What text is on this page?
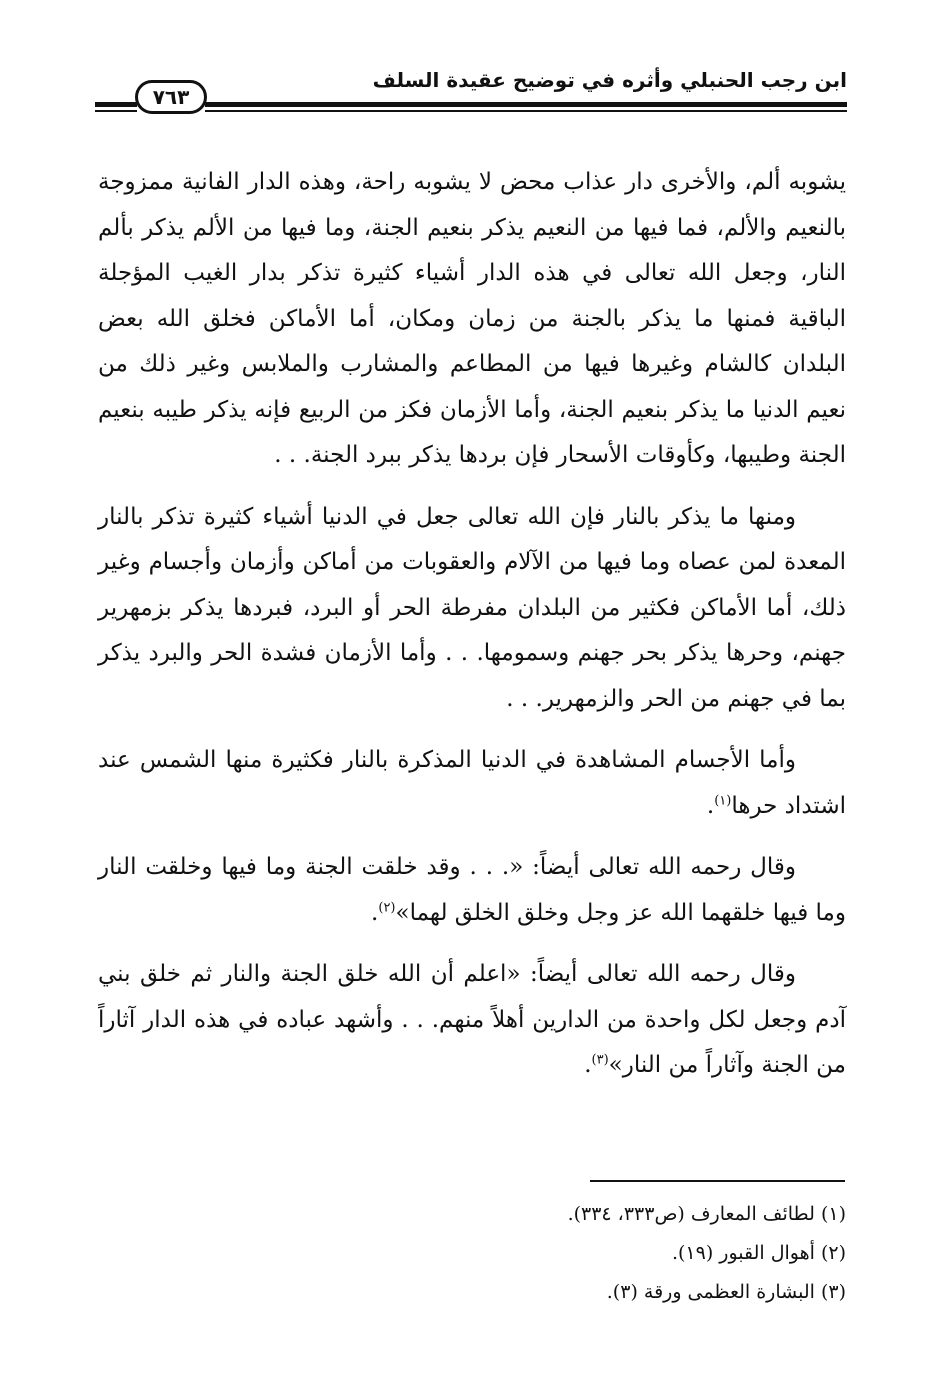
ابن رجب الحنبلي وأثره في توضيح عقيدة السلف
٧٦٣

يشوبه ألم، والأخرى دار عذاب محض لا يشوبه راحة، وهذه الدار الفانية ممزوجة بالنعيم والألم، فما فيها من النعيم يذكر بنعيم الجنة، وما فيها من الألم يذكر بألم النار، وجعل الله تعالى في هذه الدار أشياء كثيرة تذكر بدار الغيب المؤجلة الباقية فمنها ما يذكر بالجنة من زمان ومكان، أما الأماكن فخلق الله بعض البلدان كالشام وغيرها فيها من المطاعم والمشارب والملابس وغير ذلك من نعيم الدنيا ما يذكر بنعيم الجنة، وأما الأزمان فكز من الربيع فإنه يذكر طيبه بنعيم الجنة وطيبها، وكأوقات الأسحار فإن بردها يذكر ببرد الجنة. . .

ومنها ما يذكر بالنار فإن الله تعالى جعل في الدنيا أشياء كثيرة تذكر بالنار المعدة لمن عصاه وما فيها من الآلام والعقوبات من أماكن وأزمان وأجسام وغير ذلك، أما الأماكن فكثير من البلدان مفرطة الحر أو البرد، فبردها يذكر بزمهرير جهنم، وحرها يذكر بحر جهنم وسمومها. . . وأما الأزمان فشدة الحر والبرد يذكر بما في جهنم من الحر والزمهرير. . .

وأما الأجسام المشاهدة في الدنيا المذكرة بالنار فكثيرة منها الشمس عند اشتداد حرها$^{(١)}$.

وقال رحمه الله تعالى أيضاً: «. . . وقد خلقت الجنة وما فيها وخلقت النار وما فيها خلقهما الله عز وجل وخلق الخلق لهما»$^{(٢)}$.

وقال رحمه الله تعالى أيضاً: «اعلم أن الله خلق الجنة والنار ثم خلق بني آدم وجعل لكل واحدة من الدارين أهلاً منهم. . . وأشهد عباده في هذه الدار آثاراً من الجنة وآثاراً من النار»$^{(٣)}$.

(١) لطائف المعارف (ص٣٣٣، ٣٣٤).
(٢) أهوال القبور (١٩).
(٣) البشارة العظمى ورقة (٣).
